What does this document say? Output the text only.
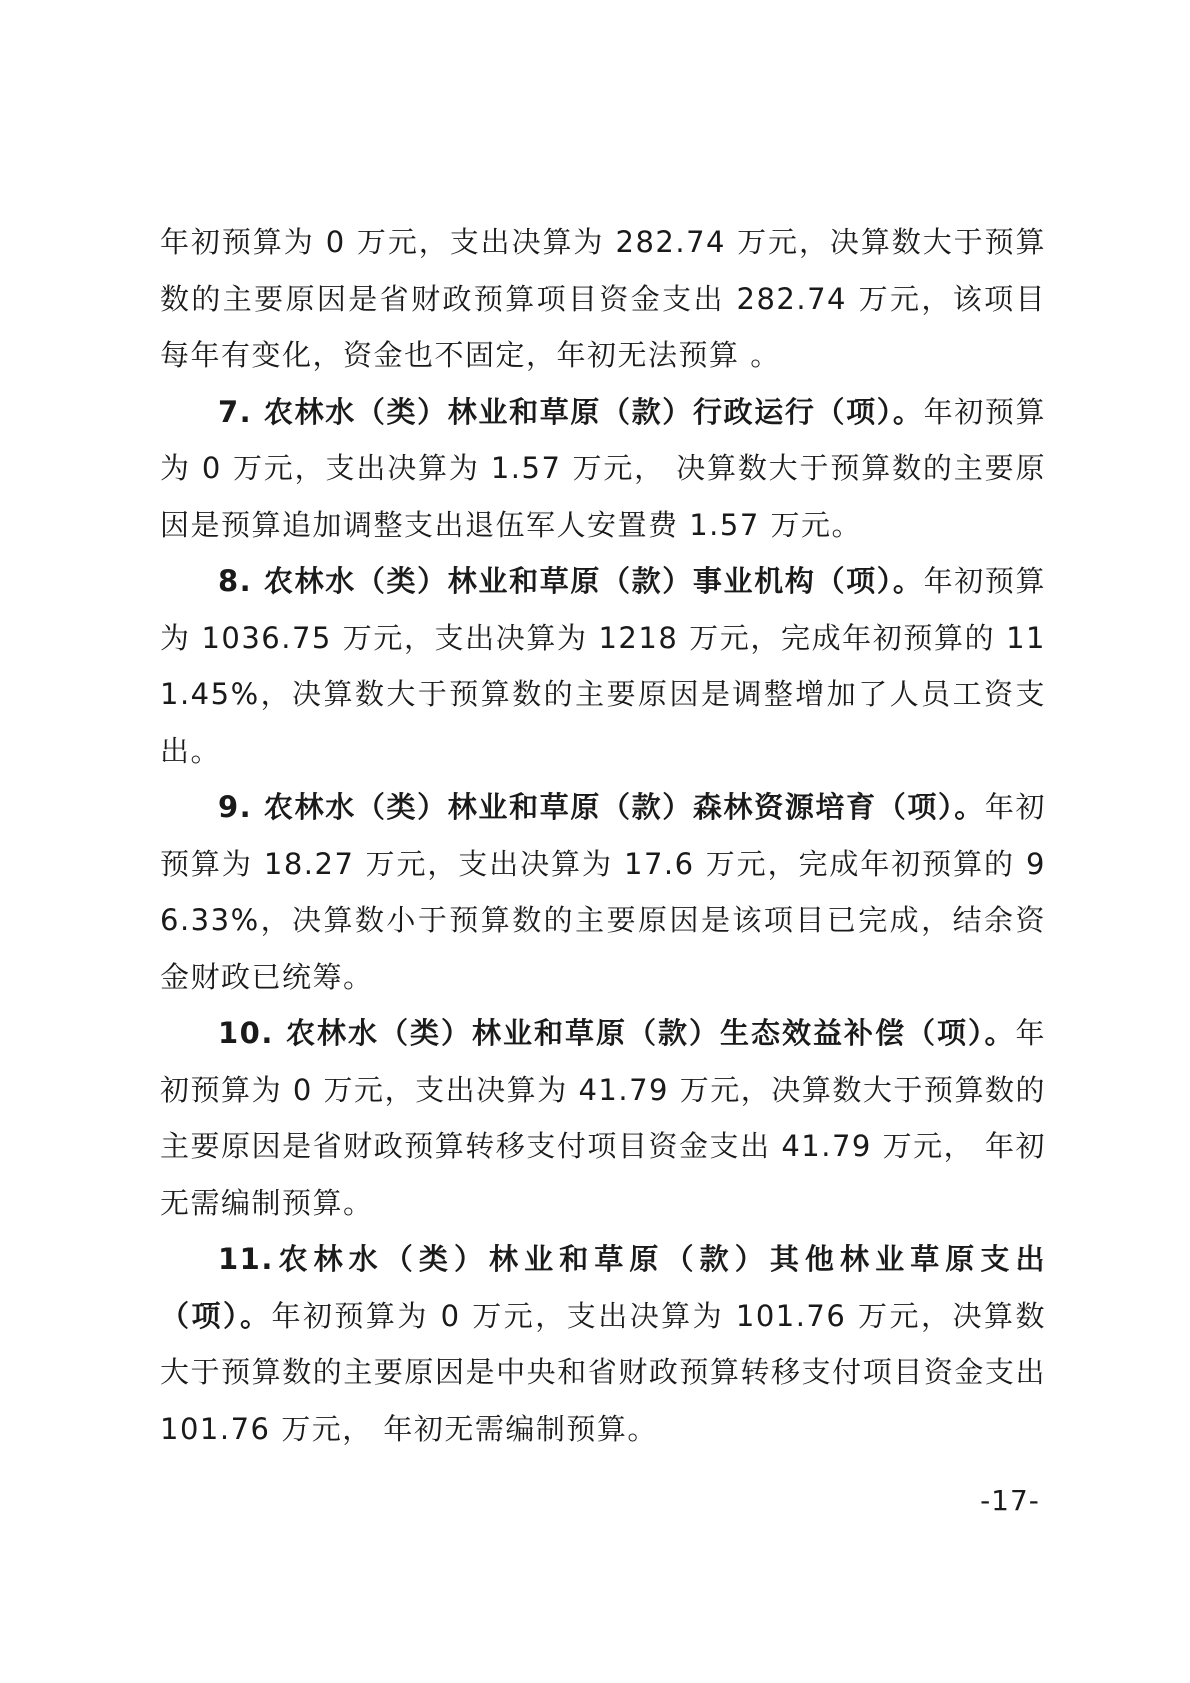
年初预算为 0 万元，支出决算为 282.74 万元，决算数大于预算数的主要原因是省财政预算项目资金支出 282.74 万元，该项目每年有变化，资金也不固定，年初无法预算 。

7. 农林水（类）林业和草原（款）行政运行（项）。年初预算为 0 万元，支出决算为 1.57 万元， 决算数大于预算数的主要原因是预算追加调整支出退伍军人安置费 1.57 万元。

8. 农林水（类）林业和草原（款）事业机构（项）。年初预算为 1036.75 万元，支出决算为 1218 万元，完成年初预算的 111.45%，决算数大于预算数的主要原因是调整增加了人员工资支出。

9. 农林水（类）林业和草原（款）森林资源培育（项）。年初预算为 18.27 万元，支出决算为 17.6 万元，完成年初预算的 96.33%，决算数小于预算数的主要原因是该项目已完成，结余资金财政已统筹。

10. 农林水（类）林业和草原（款）生态效益补偿（项）。年初预算为 0 万元，支出决算为 41.79 万元，决算数大于预算数的主要原因是省财政预算转移支付项目资金支出 41.79 万元， 年初无需编制预算。

11.农林水（类）林业和草原（款）其他林业草原支出（项）。年初预算为 0 万元，支出决算为 101.76 万元，决算数大于预算数的主要原因是中央和省财政预算转移支付项目资金支出 101.76 万元， 年初无需编制预算。

-17-
